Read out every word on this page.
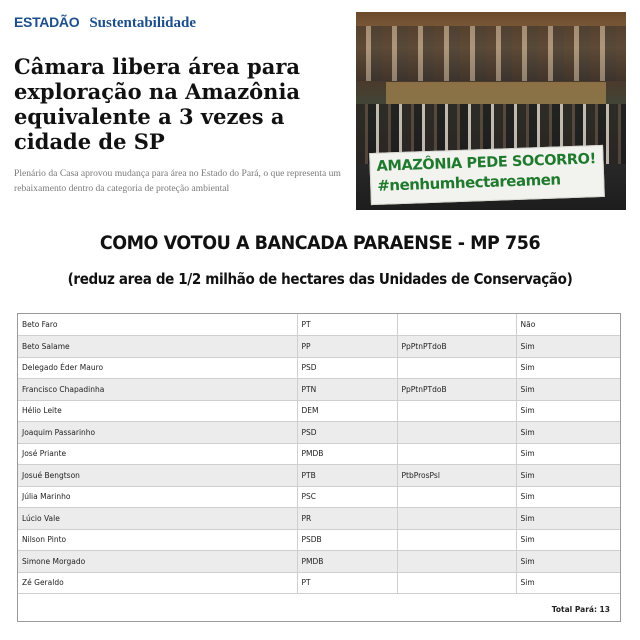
ESTADÃO Sustentabilidade
Câmara libera área para exploração na Amazônia equivalente a 3 vezes a cidade de SP
Plenário da Casa aprovou mudança para área no Estado do Pará, o que representa um rebaixamento dentro da categoria de proteção ambiental
AMAZÔNIA PEDE SOCORRO!
#nenhumhectareamen
COMO VOTOU A BANCADA PARAENSE - MP 756
(reduz area de 1/2 milhão de hectares das Unidades de Conservação)
Beto Faro	PT		Não
Beto Salame	PP	PpPtnPTdoB	Sim
Delegado Éder Mauro	PSD		Sim
Francisco Chapadinha	PTN	PpPtnPTdoB	Sim
Hélio Leite	DEM		Sim
Joaquim Passarinho	PSD		Sim
José Priante	PMDB		Sim
Josué Bengtson	PTB	PtbProsPsl	Sim
Júlia Marinho	PSC		Sim
Lúcio Vale	PR		Sim
Nilson Pinto	PSDB		Sim
Simone Morgado	PMDB		Sim
Zé Geraldo	PT		Sim
Total Pará: 13
